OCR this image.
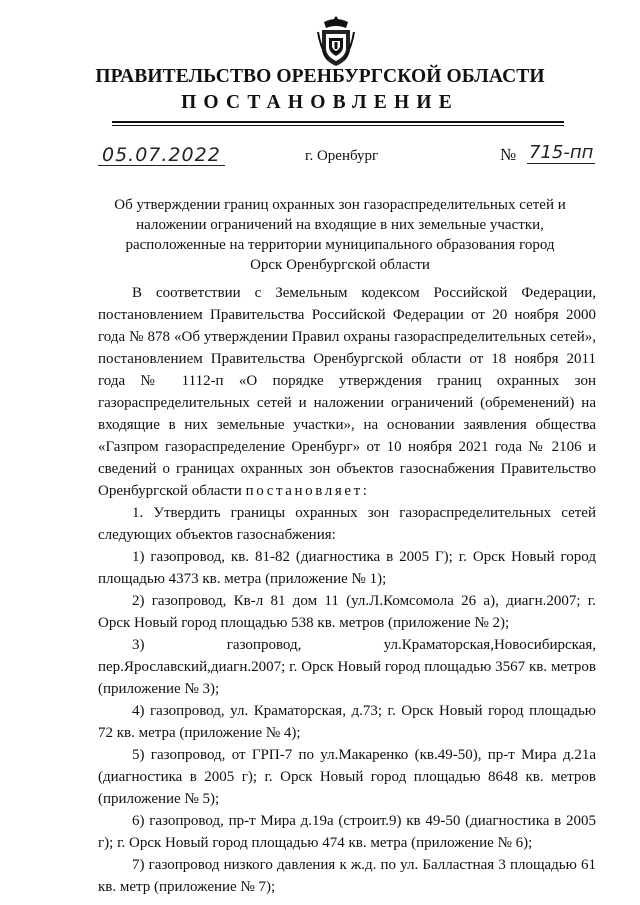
ПРАВИТЕЛЬСТВО ОРЕНБУРГСКОЙ ОБЛАСТИ
ПОСТАНОВЛЕНИЕ
05.07.2022	г. Оренбург	№ 715-пп
Об утверждении границ охранных зон газораспределительных сетей и наложении ограничений на входящие в них земельные участки, расположенные на территории муниципального образования город Орск Оренбургской области

В соответствии с Земельным кодексом Российской Федерации, постановлением Правительства Российской Федерации от 20 ноября 2000 года № 878 «Об утверждении Правил охраны газораспределительных сетей», постановлением Правительства Оренбургской области от 18 ноября 2011 года № 1112-п «О порядке утверждения границ охранных зон газораспределительных сетей и наложении ограничений (обременений) на входящие в них земельные участки», на основании заявления общества «Газпром газораспределение Оренбург» от 10 ноября 2021 года № 2106 и сведений о границах охранных зон объектов газоснабжения Правительство Оренбургской области постановляет:

1. Утвердить границы охранных зон газораспределительных сетей следующих объектов газоснабжения:

1) газопровод, кв. 81-82 (диагностика в 2005 Г); г. Орск Новый город площадью 4373 кв. метра (приложение № 1);

2) газопровод, Кв-л 81 дом 11 (ул.Л.Комсомола 26 а), диагн.2007; г. Орск Новый город площадью 538 кв. метров (приложение № 2);

3) газопровод, ул.Краматорская,Новосибирская, пер.Ярославский,диагн.2007; г. Орск Новый город площадью 3567 кв. метров (приложение № 3);

4) газопровод, ул. Краматорская, д.73; г. Орск Новый город площадью 72 кв. метра (приложение № 4);

5) газопровод, от ГРП-7 по ул.Макаренко (кв.49-50), пр-т Мира д.21а (диагностика в 2005 г); г. Орск Новый город площадью 8648 кв. метров (приложение № 5);

6) газопровод, пр-т Мира д.19а (строит.9) кв 49-50 (диагностика в 2005 г); г. Орск Новый город площадью 474 кв. метра (приложение № 6);

7) газопровод низкого давления к ж.д. по ул. Балластная 3 площадью 61 кв. метр (приложение № 7);
